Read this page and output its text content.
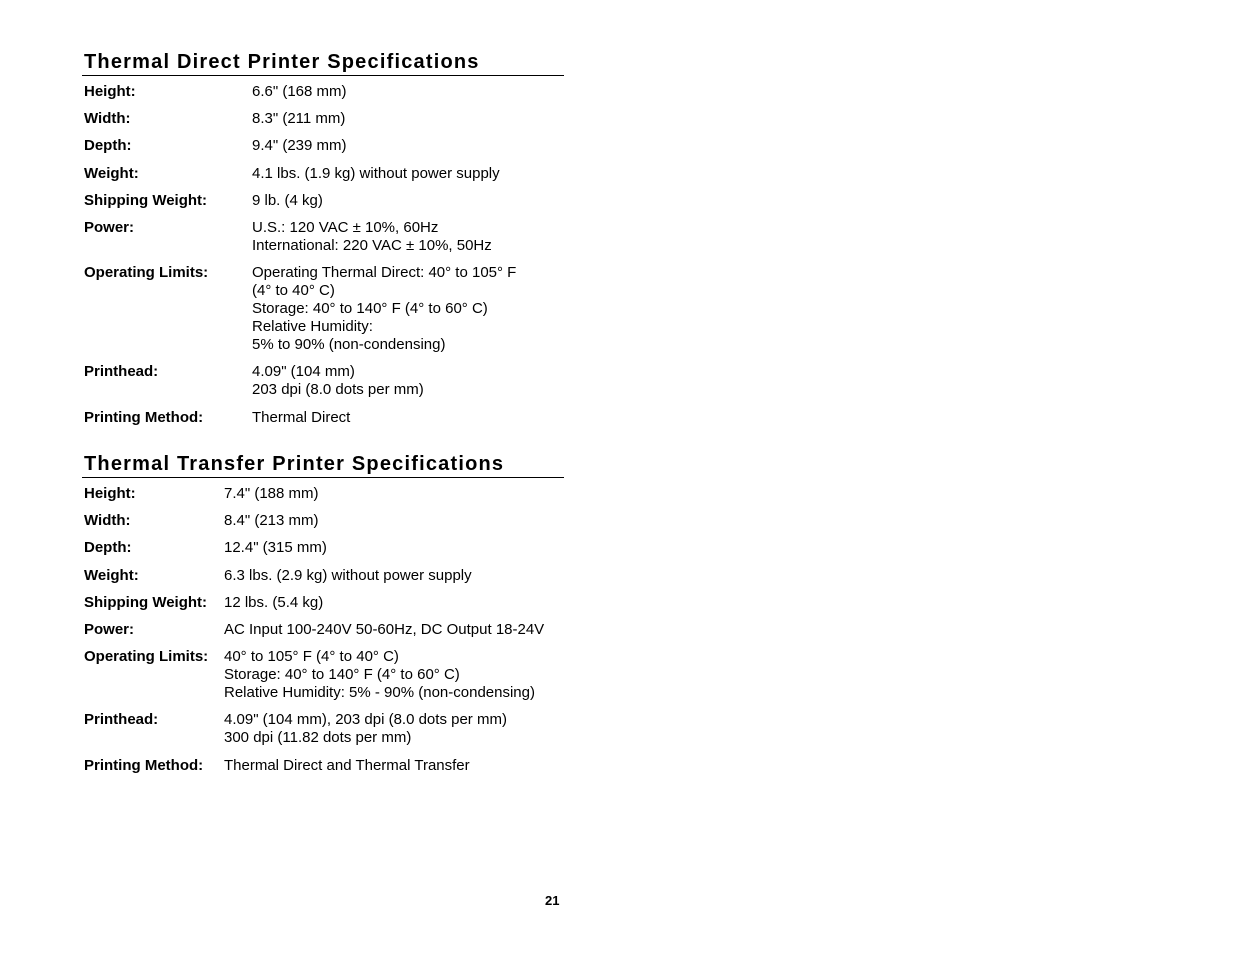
Thermal Direct Printer Specifications
Height:	6.6" (168 mm)
Width:	8.3" (211 mm)
Depth:	9.4" (239 mm)
Weight:	4.1 lbs. (1.9 kg) without power supply
Shipping Weight:	9 lb. (4 kg)
Power:	U.S.: 120 VAC ± 10%, 60Hz
International: 220 VAC ± 10%, 50Hz
Operating Limits:	Operating Thermal Direct: 40° to 105° F
(4° to 40° C)
Storage: 40° to 140° F (4° to 60° C)
Relative Humidity:
5% to 90% (non-condensing)
Printhead:	4.09" (104 mm)
203 dpi (8.0 dots per mm)
Printing Method:	Thermal Direct
Thermal Transfer Printer Specifications
Height:	7.4" (188 mm)
Width:	8.4" (213 mm)
Depth:	12.4" (315 mm)
Weight:	6.3 lbs. (2.9 kg) without power supply
Shipping Weight:	12 lbs. (5.4 kg)
Power:	AC Input 100-240V 50-60Hz, DC Output 18-24V
Operating Limits:	40° to 105° F (4° to 40° C)
Storage: 40° to 140° F (4° to 60° C)
Relative Humidity: 5% - 90% (non-condensing)
Printhead:	4.09" (104 mm), 203 dpi (8.0 dots per mm)
300 dpi (11.82 dots per mm)
Printing Method:	Thermal Direct and Thermal Transfer
21
